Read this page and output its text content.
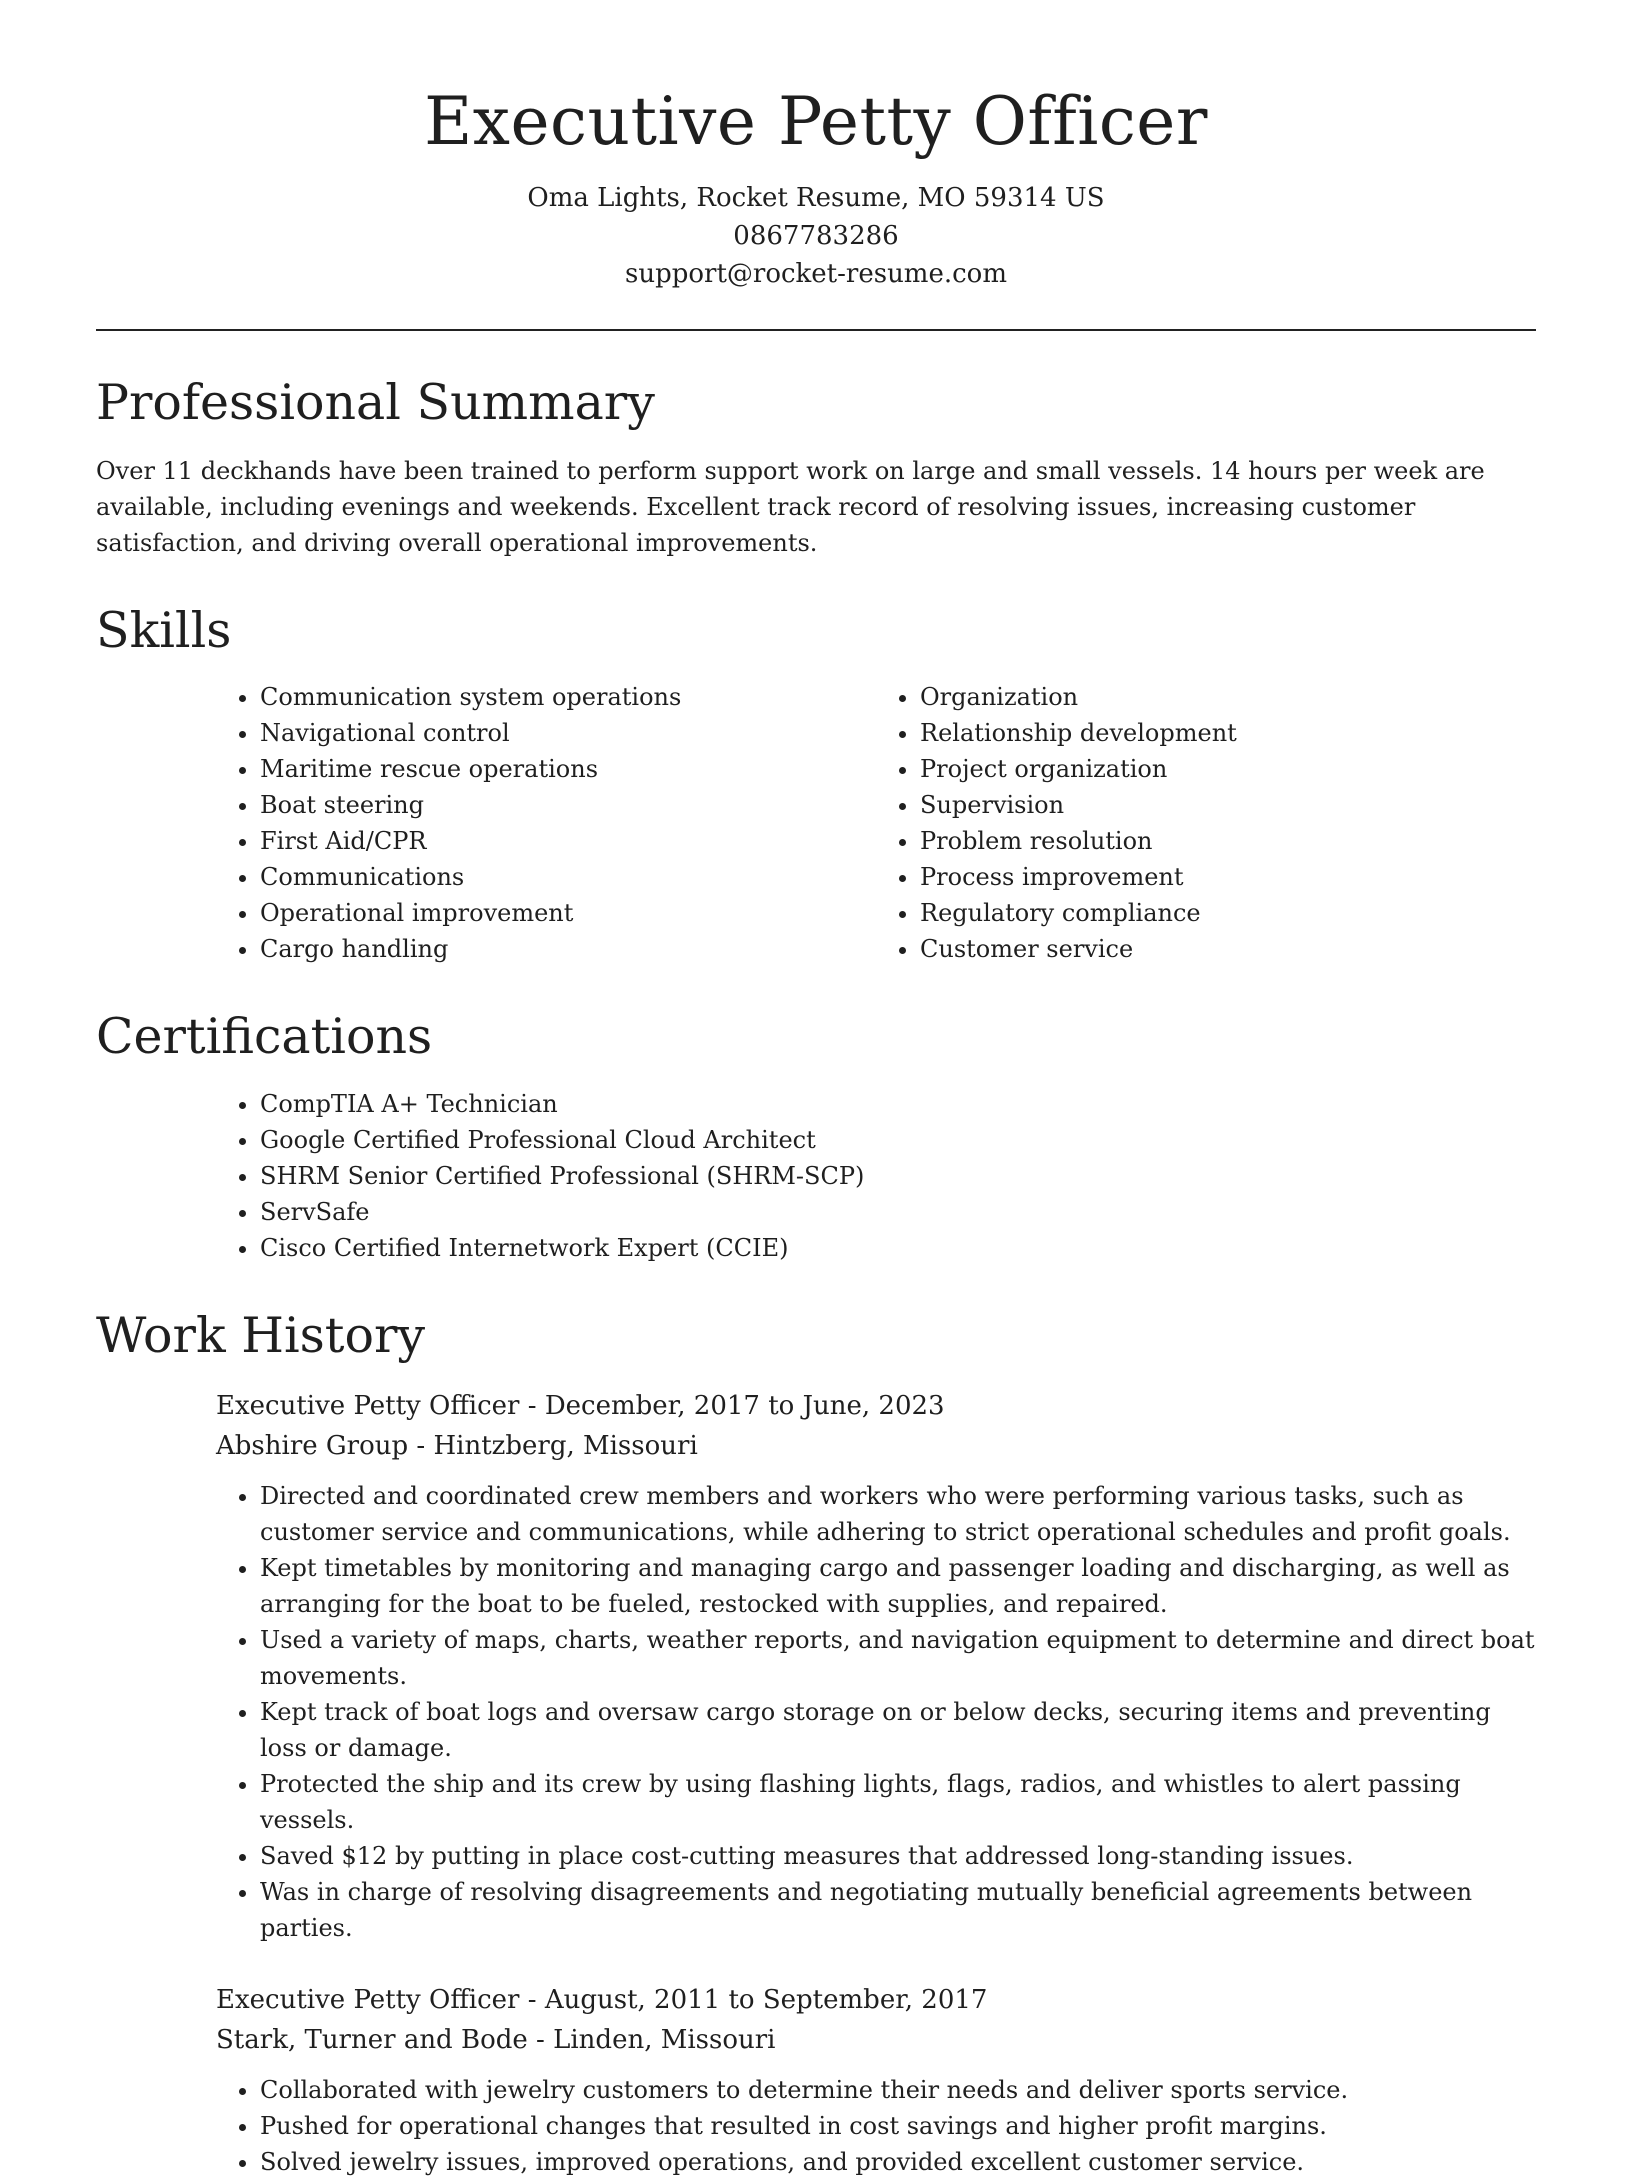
Executive Petty Officer
Oma Lights, Rocket Resume, MO 59314 US
0867783286
support@rocket-resume.com
Professional Summary

Over 11 deckhands have been trained to perform support work on large and small vessels. 14 hours per week are available, including evenings and weekends. Excellent track record of resolving issues, increasing customer satisfaction, and driving overall operational improvements.

Skills
• Communication system operations
• Navigational control
• Maritime rescue operations
• Boat steering
• First Aid/CPR
• Communications
• Operational improvement
• Cargo handling
• Organization
• Relationship development
• Project organization
• Supervision
• Problem resolution
• Process improvement
• Regulatory compliance
• Customer service
Certifications
• CompTIA A+ Technician
• Google Certified Professional Cloud Architect
• SHRM Senior Certified Professional (SHRM-SCP)
• ServSafe
• Cisco Certified Internetwork Expert (CCIE)
Work History
Executive Petty Officer - December, 2017 to June, 2023
Abshire Group - Hintzberg, Missouri
• Directed and coordinated crew members and workers who were performing various tasks, such as customer service and communications, while adhering to strict operational schedules and profit goals.
• Kept timetables by monitoring and managing cargo and passenger loading and discharging, as well as arranging for the boat to be fueled, restocked with supplies, and repaired.
• Used a variety of maps, charts, weather reports, and navigation equipment to determine and direct boat movements.
• Kept track of boat logs and oversaw cargo storage on or below decks, securing items and preventing loss or damage.
• Protected the ship and its crew by using flashing lights, flags, radios, and whistles to alert passing vessels.
• Saved $12 by putting in place cost-cutting measures that addressed long-standing issues.
• Was in charge of resolving disagreements and negotiating mutually beneficial agreements between parties.
Executive Petty Officer - August, 2011 to September, 2017
Stark, Turner and Bode - Linden, Missouri
• Collaborated with jewelry customers to determine their needs and deliver sports service.
• Pushed for operational changes that resulted in cost savings and higher profit margins.
• Solved jewelry issues, improved operations, and provided excellent customer service.
